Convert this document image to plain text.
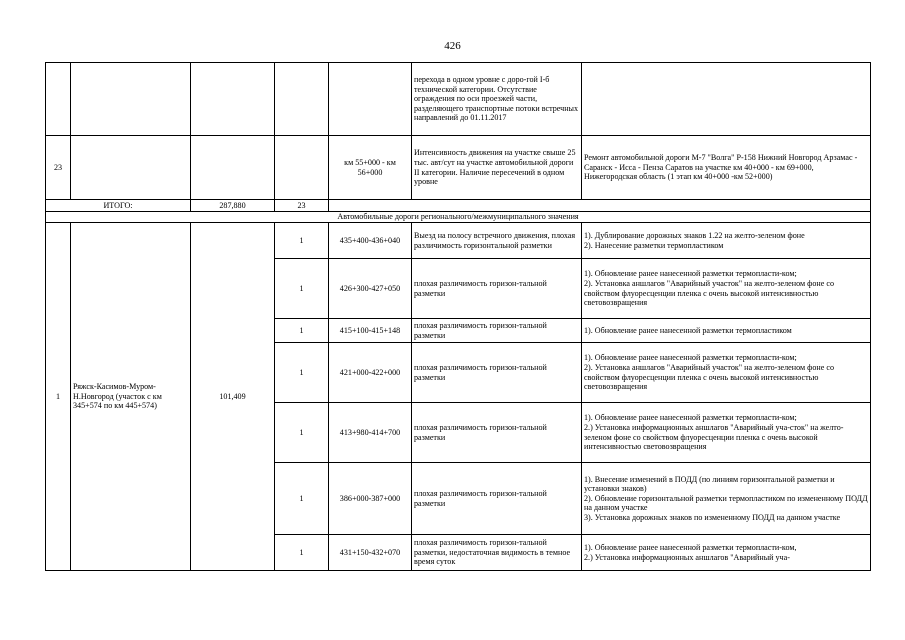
426
					перехода в одном уровне с доро-гой I-б технической категории. Отсутствие ограждения по оси проезжей части, разделяющего транспортные потоки встречных направлений до 01.11.2017	
23				км 55+000 - км 56+000	Интенсивность движения на участке свыше 25 тыс. авт/сут на участке автомобильной дороги II категории. Наличие пересечений в одном уровне	Ремонт автомобильной дороги М-7 "Волга" Р-158 Нижний Новгород Арзамас - Саранск - Исса - Пенза Саратов на участке км 40+000 - км 69+000, Нижегородская область (1 этап км 40+000 -км 52+000)
ИТОГО:		287,880	23			
Автомобильные дороги регионального/межмуниципального значения						
1	Ряжск-Касимов-Муром-Н.Новгород (участок с км 345+574 по км 445+574)	101,409	1	435+400-436+040	Выезд на полосу встречного движения, плохая различимость горизонтальной разметки	1). Дублирование дорожных знаков 1.22 на желто-зеленом фоне
2). Нанесение разметки термопластиком
			1	426+300-427+050	плохая различимость горизон-тальной разметки	1). Обновление ранее нанесенной разметки термопласти-ком;
2). Установка аншлагов "Аварийный участок" на желто-зеленом фоне со свойством флуоресценции пленка с очень высокой интенсивностью световозвращения
			1	415+100-415+148	плохая различимость горизон-тальной разметки	1). Обновление ранее нанесенной разметки термопластиком
			1	421+000-422+000	плохая различимость горизон-тальной разметки	1). Обновление ранее нанесенной разметки термопласти-ком;
2). Установка аншлагов "Аварийный участок" на желто-зеленом фоне со свойством флуоресценции пленка с очень высокой интенсивностью световозвращения
			1	413+980-414+700	плохая различимость горизон-тальной разметки	1). Обновление ранее нанесенной разметки термопласти-ком;
2.) Установка информационных аншлагов "Аварийный уча-сток" на желто-зеленом фоне со свойством флуоресценции пленка с очень высокой интенсивностью световозвращения
			1	386+000-387+000	плохая различимость горизон-тальной разметки	1). Внесение изменений в ПОДД (по линиям горизонтальной разметки и установки знаков)
2). Обновление горизонтальной разметки термопластиком по измененному ПОДД на данном участке
3). Установка дорожных знаков по измененному ПОДД на данном участке
			1	431+150-432+070	плохая различимость горизон-тальной разметки, недостаточная видимость в темное время суток	1). Обновление ранее нанесенной разметки термопласти-ком,
2.) Установка информационных аншлагов "Аварийный уча-
